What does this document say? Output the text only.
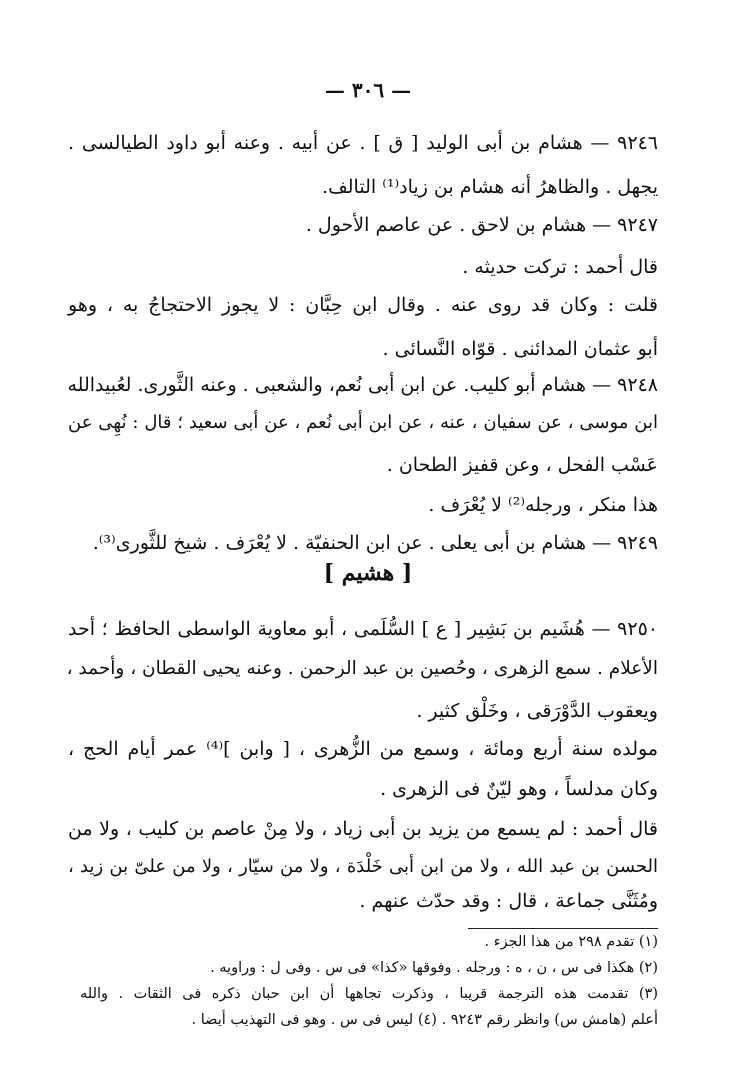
— ٣٠٦ —
٩٢٤٦ — هشام بن أبى الوليد [ ق ] . عن أبيه . وعنه أبو داود الطيالسى .
يجهل . والظاهرُ أنه هشام بن زياد⁽¹⁾ التالف.
٩٢٤٧ — هشام بن لاحق . عن عاصم الأحول .
قال أحمد : تركت حديثه .
قلت : وكان قد روى عنه . وقال ابن حِبَّان : لا يجوز الاحتجاجُ به ، وهو
أبو عثمان المدائنى . قوّاه النَّسائى .
٩٢٤٨ — هشام أبو كليب. عن ابن أبى نُعم، والشعبى . وعنه الثَّورى. لعُبيدالله
ابن موسى ، عن سفيان ، عنه ، عن ابن أبى نُعم ، عن أبى سعيد ؛ قال : نُهِى عن
عَسْب الفحل ، وعن قفيز الطحان .
هذا منكر ، ورجله⁽²⁾ لا يُعْرَف .
٩٢٤٩ — هشام بن أبى يعلى . عن ابن الحنفيّة . لا يُعْرَف . شيخ للثَّورى⁽³⁾.
[ هشيم ]
٩٢٥٠ — هُشَيم بن بَشِير [ ع ] السُّلَمى ، أبو معاوية الواسطى الحافظ ؛ أحد
الأعلام . سمع الزهرى ، وحُصين بن عبد الرحمن . وعنه يحيى القطان ، وأحمد ،
ويعقوب الدَّوْرَقى ، وخَلْق كثير .
مولده سنة أربع ومائة ، وسمع من الزُّهرى ، [ وابن ]⁽⁴⁾ عمر أيام الحج ،
وكان مدلساً ، وهو ليّنٌ فى الزهرى .
قال أحمد : لم يسمع من يزيد بن أبى زياد ، ولا مِنْ عاصم بن كليب ، ولا من
الحسن بن عبد الله ، ولا من ابن أبى خَلْدَة ، ولا من سيّار ، ولا من علىّ بن زيد ،
ومُثَنَّى جماعة ، قال : وقد حدّث عنهم .
(١) تقدم ٢٩٨ من هذا الجزء .
(٢) هكذا فى س ، ن ، ه : ورجله . وفوقها «كذا» فى س . وفى ل : وراويه .
(٣) تقدمت هذه الترجمة قريبا ، وذكرت تجاهها أن ابن حبان ذكره فى الثقات . والله
أعلم (هامش س) وانظر رقم ٩٢٤٣ . (٤) ليس فى س . وهو فى التهذيب أيضا .
